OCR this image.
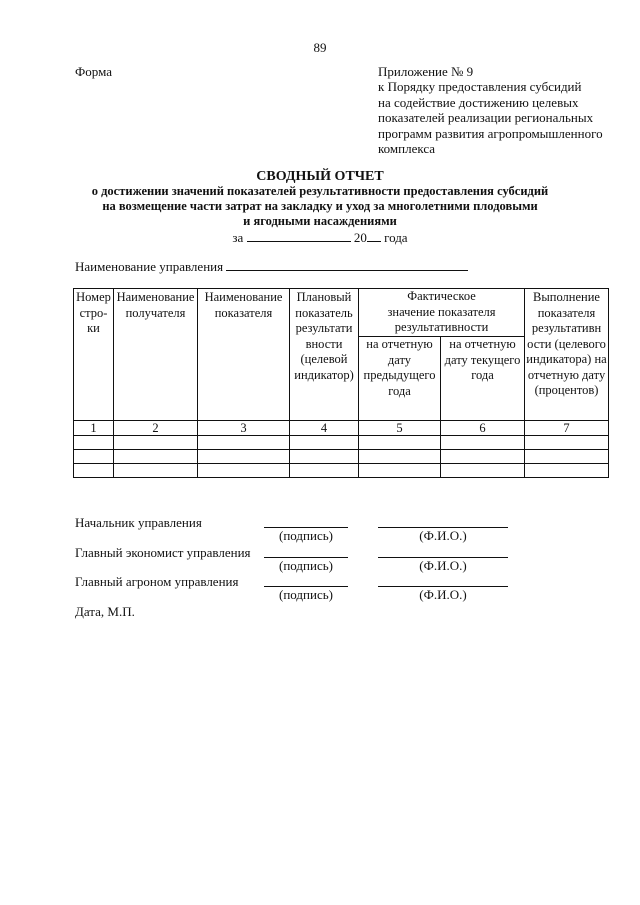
89
Форма	Приложение № 9
к Порядку предоставления субсидий
на содействие достижению целевых
показателей реализации региональных
программ развития агропромышленного
комплекса
СВОДНЫЙ ОТЧЕТ
о достижении значений показателей результативности предоставления субсидий
на возмещение части затрат на закладку и уход за многолетними плодовыми
и ягодными насаждениями
за	20 года
Наименование управления
Номер стро- ки	Наименование получателя	Наименование показателя	Плановый показатель результати вности (целевой индикатор)	Фактическое значение показателя результативности		Выполнение показателя результативн ости (целевого индикатора) на отчетную дату (процентов)
				на отчетную дату предыдущего года	на отчетную дату текущего года	
1	2	3	4	5	6	7

Начальник управления
(подпись)	(Ф.И.О.)
Главный экономист управления
(подпись)	(Ф.И.О.)
Главный агроном управления
(подпись)	(Ф.И.О.)
Дата, М.П.
